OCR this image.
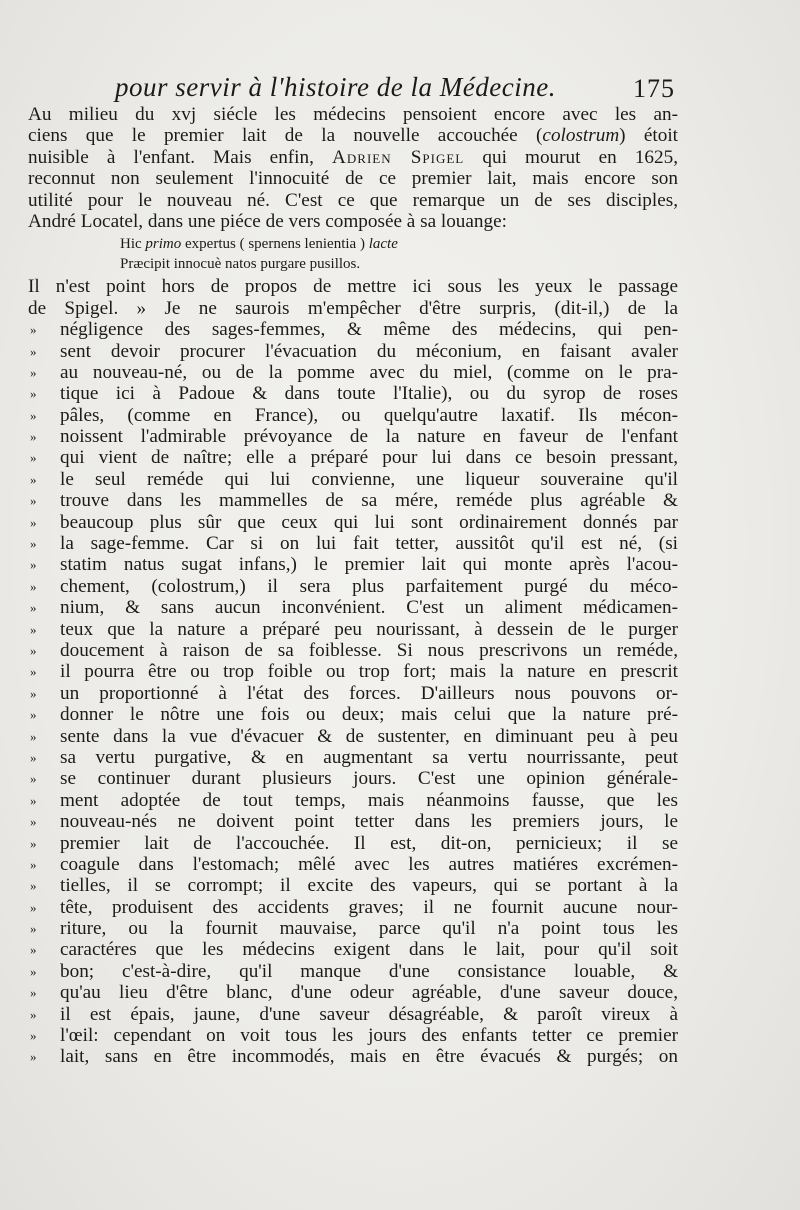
pour servir à l'histoire de la Médecine.	175
Au milieu du xvj siécle les médecins pensoient encore avec les an-
ciens que le premier lait de la nouvelle accouchée (colostrum) étoit
nuisible à l'enfant. Mais enfin, Adrien Spigel qui mourut en 1625,
reconnut non seulement l'innocuité de ce premier lait, mais encore son
utilité pour le nouveau né. C'est ce que remarque un de ses disciples,
André Locatel, dans une piéce de vers composée à sa louange:
Hic primo expertus ( spernens lenientia ) lacte
Præcipit innocuè natos purgare pusillos.
Il n'est point hors de propos de mettre ici sous les yeux le passage
de Spigel. » Je ne saurois m'empêcher d'être surpris, (dit-il,) de la
» négligence des sages-femmes, & même des médecins, qui pen-
» sent devoir procurer l'évacuation du méconium, en faisant avaler
» au nouveau-né, ou de la pomme avec du miel, (comme on le pra-
» tique ici à Padoue & dans toute l'Italie), ou du syrop de roses
» pâles, (comme en France), ou quelqu'autre laxatif. Ils mécon-
» noissent l'admirable prévoyance de la nature en faveur de l'enfant
» qui vient de naître; elle a préparé pour lui dans ce besoin pressant,
» le seul reméde qui lui convienne, une liqueur souveraine qu'il
» trouve dans les mammelles de sa mére, reméde plus agréable &
» beaucoup plus sûr que ceux qui lui sont ordinairement donnés par
» la sage-femme. Car si on lui fait tetter, aussitôt qu'il est né, (si
» statim natus sugat infans,) le premier lait qui monte après l'acou-
» chement, (colostrum,) il sera plus parfaitement purgé du méco-
» nium, & sans aucun inconvénient. C'est un aliment médicamen-
» teux que la nature a préparé peu nourissant, à dessein de le purger
» doucement à raison de sa foiblesse. Si nous prescrivons un reméde,
» il pourra être ou trop foible ou trop fort; mais la nature en prescrit
» un proportionné à l'état des forces. D'ailleurs nous pouvons or-
» donner le nôtre une fois ou deux; mais celui que la nature pré-
» sente dans la vue d'évacuer & de sustenter, en diminuant peu à peu
» sa vertu purgative, & en augmentant sa vertu nourrissante, peut
» se continuer durant plusieurs jours. C'est une opinion générale-
» ment adoptée de tout temps, mais néanmoins fausse, que les
» nouveau-nés ne doivent point tetter dans les premiers jours, le
» premier lait de l'accouchée. Il est, dit-on, pernicieux; il se
» coagule dans l'estomach; mêlé avec les autres matiéres excrémen-
» tielles, il se corrompt; il excite des vapeurs, qui se portant à la
» tête, produisent des accidents graves; il ne fournit aucune nour-
» riture, ou la fournit mauvaise, parce qu'il n'a point tous les
» caractéres que les médecins exigent dans le lait, pour qu'il soit
» bon; c'est-à-dire, qu'il manque d'une consistance louable, &
» qu'au lieu d'être blanc, d'une odeur agréable, d'une saveur douce,
» il est épais, jaune, d'une saveur désagréable, & paroît vireux à
» l'œil: cependant on voit tous les jours des enfants tetter ce premier
» lait, sans en être incommodés, mais en être évacués & purgés; on
